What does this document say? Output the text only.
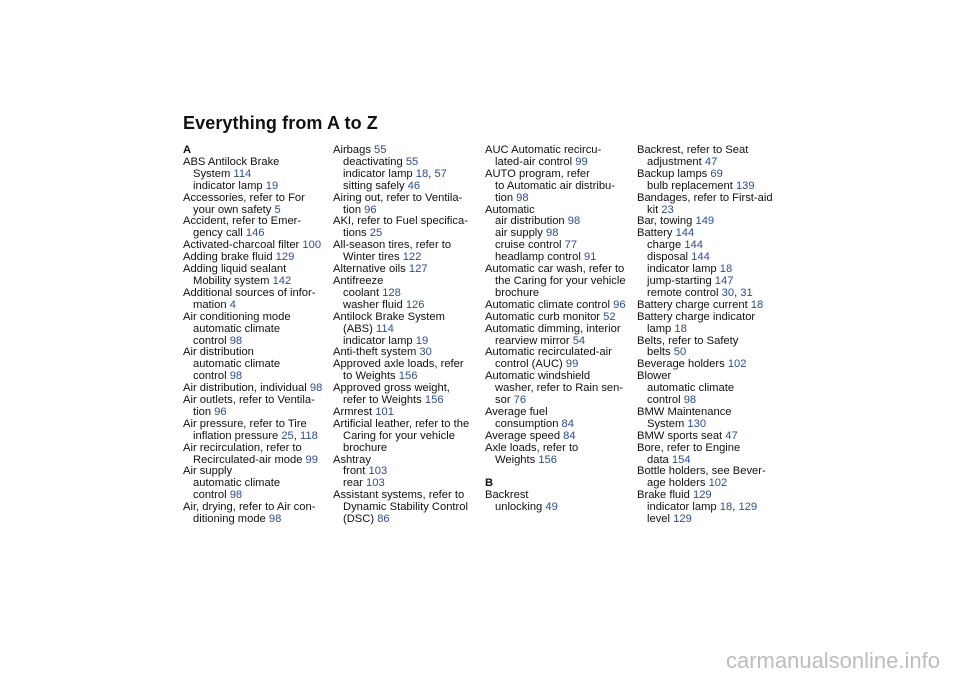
Everything from A to Z
A
ABS Antilock Brake
System 114
indicator lamp 19
Accessories, refer to For
your own safety 5
Accident, refer to Emer-
gency call 146
Activated-charcoal filter 100
Adding brake fluid 129
Adding liquid sealant
Mobility system 142
Additional sources of infor-
mation 4
Air conditioning mode
automatic climate
control 98
Air distribution
automatic climate
control 98
Air distribution, individual 98
Air outlets, refer to Ventila-
tion 96
Air pressure, refer to Tire
inflation pressure 25, 118
Air recirculation, refer to
Recirculated-air mode 99
Air supply
automatic climate
control 98
Air, drying, refer to Air con-
ditioning mode 98
Airbags 55
deactivating 55
indicator lamp 18, 57
sitting safely 46
Airing out, refer to Ventila-
tion 96
AKI, refer to Fuel specifica-
tions 25
All-season tires, refer to
Winter tires 122
Alternative oils 127
Antifreeze
coolant 128
washer fluid 126
Antilock Brake System
(ABS) 114
indicator lamp 19
Anti-theft system 30
Approved axle loads, refer
to Weights 156
Approved gross weight,
refer to Weights 156
Armrest 101
Artificial leather, refer to the
Caring for your vehicle
brochure
Ashtray
front 103
rear 103
Assistant systems, refer to
Dynamic Stability Control
(DSC) 86
AUC Automatic recircu-
lated-air control 99
AUTO program, refer
to Automatic air distribu-
tion 98
Automatic
air distribution 98
air supply 98
cruise control 77
headlamp control 91
Automatic car wash, refer to
the Caring for your vehicle
brochure
Automatic climate control 96
Automatic curb monitor 52
Automatic dimming, interior
rearview mirror 54
Automatic recirculated-air
control (AUC) 99
Automatic windshield
washer, refer to Rain sen-
sor 76
Average fuel
consumption 84
Average speed 84
Axle loads, refer to
Weights 156
B
Backrest
unlocking 49
Backrest, refer to Seat
adjustment 47
Backup lamps 69
bulb replacement 139
Bandages, refer to First-aid
kit 23
Bar, towing 149
Battery 144
charge 144
disposal 144
indicator lamp 18
jump-starting 147
remote control 30, 31
Battery charge current 18
Battery charge indicator
lamp 18
Belts, refer to Safety
belts 50
Beverage holders 102
Blower
automatic climate
control 98
BMW Maintenance
System 130
BMW sports seat 47
Bore, refer to Engine
data 154
Bottle holders, see Bever-
age holders 102
Brake fluid 129
indicator lamp 18, 129
level 129
carmanualsonline.info
